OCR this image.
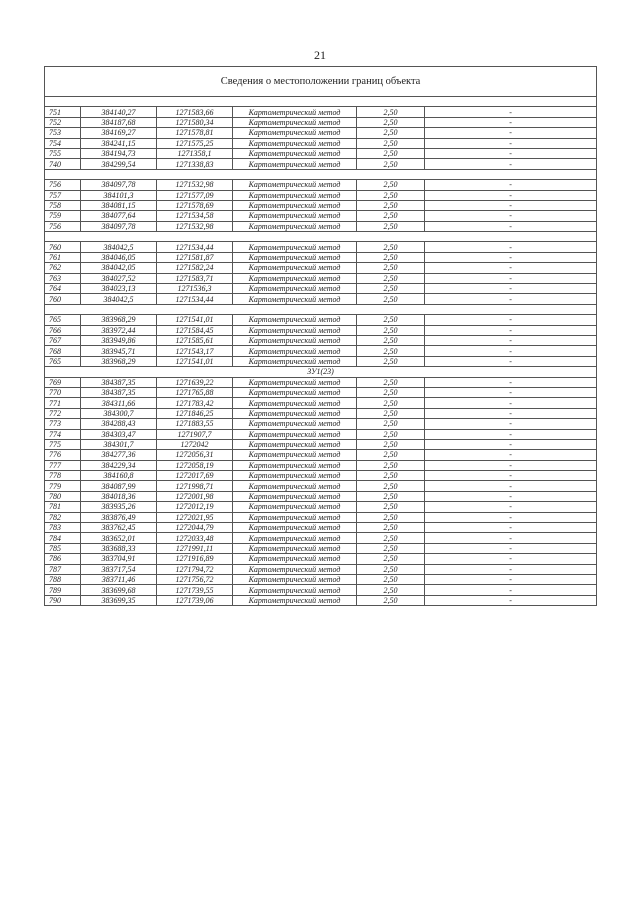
21
Сведения о местоположении границ объекта					

751	384140,27	1271583,66	Картометрический метод	2,50	-
752	384187,68	1271580,34	Картометрический метод	2,50	-
753	384169,27	1271578,81	Картометрический метод	2,50	-
754	384241,15	1271575,25	Картометрический метод	2,50	-
755	384194,73	1271358,1	Картометрический метод	2,50	-
740	384299,54	1271338,83	Картометрический метод	2,50	-

756	384097,78	1271532,98	Картометрический метод	2,50	-
757	384101,3	1271577,09	Картометрический метод	2,50	-
758	384081,15	1271578,69	Картометрический метод	2,50	-
759	384077,64	1271534,58	Картометрический метод	2,50	-
756	384097,78	1271532,98	Картометрический метод	2,50	-

760	384042,5	1271534,44	Картометрический метод	2,50	-
761	384046,05	1271581,87	Картометрический метод	2,50	-
762	384042,05	1271582,24	Картометрический метод	2,50	-
763	384027,52	1271583,71	Картометрический метод	2,50	-
764	384023,13	1271536,3	Картометрический метод	2,50	-
760	384042,5	1271534,44	Картометрический метод	2,50	-

765	383968,29	1271541,01	Картометрический метод	2,50	-
766	383972,44	1271584,45	Картометрический метод	2,50	-
767	383949,86	1271585,61	Картометрический метод	2,50	-
768	383945,71	1271543,17	Картометрический метод	2,50	-
765	383968,29	1271541,01	Картометрический метод	2,50	-
ЗУ1(23)					
769	384387,35	1271639,22	Картометрический метод	2,50	-
770	384387,35	1271765,88	Картометрический метод	2,50	-
771	384311,66	1271783,42	Картометрический метод	2,50	-
772	384300,7	1271846,25	Картометрический метод	2,50	-
773	384288,43	1271883,55	Картометрический метод	2,50	-
774	384303,47	1271907,7	Картометрический метод	2,50	-
775	384301,7	1272042	Картометрический метод	2,50	-
776	384277,36	1272056,31	Картометрический метод	2,50	-
777	384229,34	1272058,19	Картометрический метод	2,50	-
778	384160,8	1272017,69	Картометрический метод	2,50	-
779	384087,99	1271998,71	Картометрический метод	2,50	-
780	384018,36	1272001,98	Картометрический метод	2,50	-
781	383935,26	1272012,19	Картометрический метод	2,50	-
782	383876,49	1272021,95	Картометрический метод	2,50	-
783	383762,45	1272044,79	Картометрический метод	2,50	-
784	383652,01	1272033,48	Картометрический метод	2,50	-
785	383688,33	1271991,11	Картометрический метод	2,50	-
786	383704,91	1271916,89	Картометрический метод	2,50	-
787	383717,54	1271794,72	Картометрический метод	2,50	-
788	383711,46	1271756,72	Картометрический метод	2,50	-
789	383699,68	1271739,55	Картометрический метод	2,50	-
790	383699,35	1271739,06	Картометрический метод	2,50	-
